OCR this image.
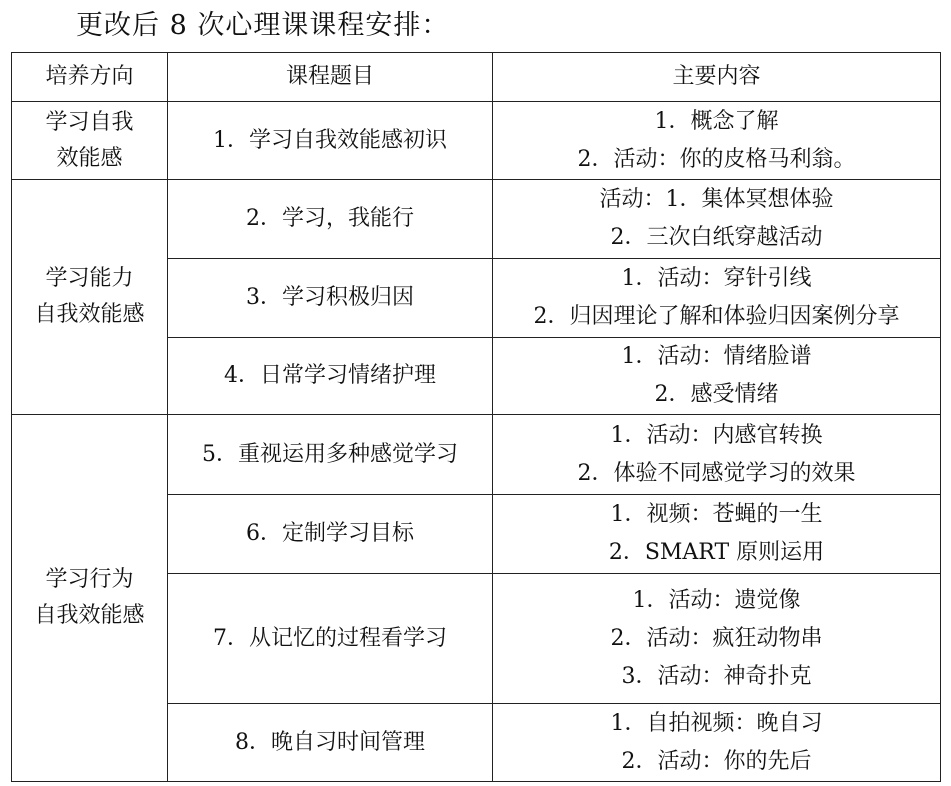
更改后 8 次心理课课程安排：
培养方向	课程题目	主要内容

学习自我
效能感	1．学习自我效能感初识	1．概念了解
2．活动：你的皮格马利翁。

学习能力
自我效能感	2．学习，我能行	活动：1．集体冥想体验
2．三次白纸穿越活动

	3．学习积极归因	1．活动：穿针引线
2．归因理论了解和体验归因案例分享

	4．日常学习情绪护理	1．活动：情绪脸谱
2．感受情绪

学习行为
自我效能感	5．重视运用多种感觉学习	1．活动：内感官转换
2．体验不同感觉学习的效果

	6．定制学习目标	1．视频：苍蝇的一生
2．SMART 原则运用

	7．从记忆的过程看学习	1．活动：遗觉像
2．活动：疯狂动物串
3．活动：神奇扑克

	8．晚自习时间管理	1．自拍视频：晚自习
2．活动：你的先后
